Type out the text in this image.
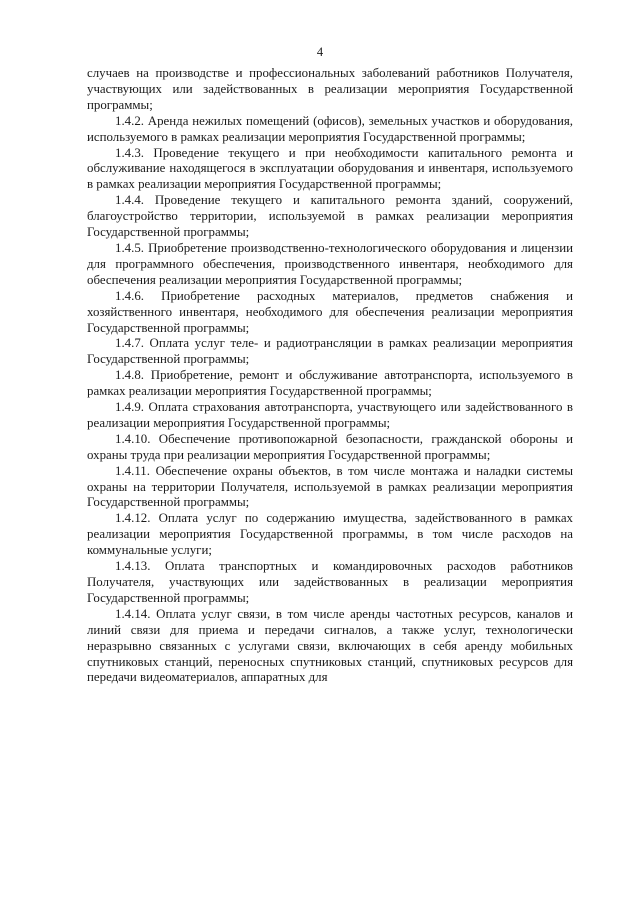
4

случаев на производстве и профессиональных заболеваний работников Получателя, участвующих или задействованных в реализации мероприятия Государственной программы;

1.4.2. Аренда нежилых помещений (офисов), земельных участков и оборудования, используемого в рамках реализации мероприятия Государственной программы;

1.4.3. Проведение текущего и при необходимости капитального ремонта и обслуживание находящегося в эксплуатации оборудования и инвентаря, используемого в рамках реализации мероприятия Государственной программы;

1.4.4. Проведение текущего и капитального ремонта зданий, сооружений, благоустройство территории, используемой в рамках реализации мероприятия Государственной программы;

1.4.5. Приобретение производственно-технологического оборудования и лицензии для программного обеспечения, производственного инвентаря, необходимого для обеспечения реализации мероприятия Государственной программы;

1.4.6. Приобретение расходных материалов, предметов снабжения и хозяйственного инвентаря, необходимого для обеспечения реализации мероприятия Государственной программы;

1.4.7. Оплата услуг теле- и радиотрансляции в рамках реализации мероприятия Государственной программы;

1.4.8. Приобретение, ремонт и обслуживание автотранспорта, используемого в рамках реализации мероприятия Государственной программы;

1.4.9. Оплата страхования автотранспорта, участвующего или задействованного в реализации мероприятия Государственной программы;

1.4.10. Обеспечение противопожарной безопасности, гражданской обороны и охраны труда при реализации мероприятия Государственной программы;

1.4.11. Обеспечение охраны объектов, в том числе монтажа и наладки системы охраны на территории Получателя, используемой в рамках реализации мероприятия Государственной программы;

1.4.12. Оплата услуг по содержанию имущества, задействованного в рамках реализации мероприятия Государственной программы, в том числе расходов на коммунальные услуги;

1.4.13. Оплата транспортных и командировочных расходов работников Получателя, участвующих или задействованных в реализации мероприятия Государственной программы;

1.4.14. Оплата услуг связи, в том числе аренды частотных ресурсов, каналов и линий связи для приема и передачи сигналов, а также услуг, технологически неразрывно связанных с услугами связи, включающих в себя аренду мобильных спутниковых станций, переносных спутниковых станций, спутниковых ресурсов для передачи видеоматериалов, аппаратных для
